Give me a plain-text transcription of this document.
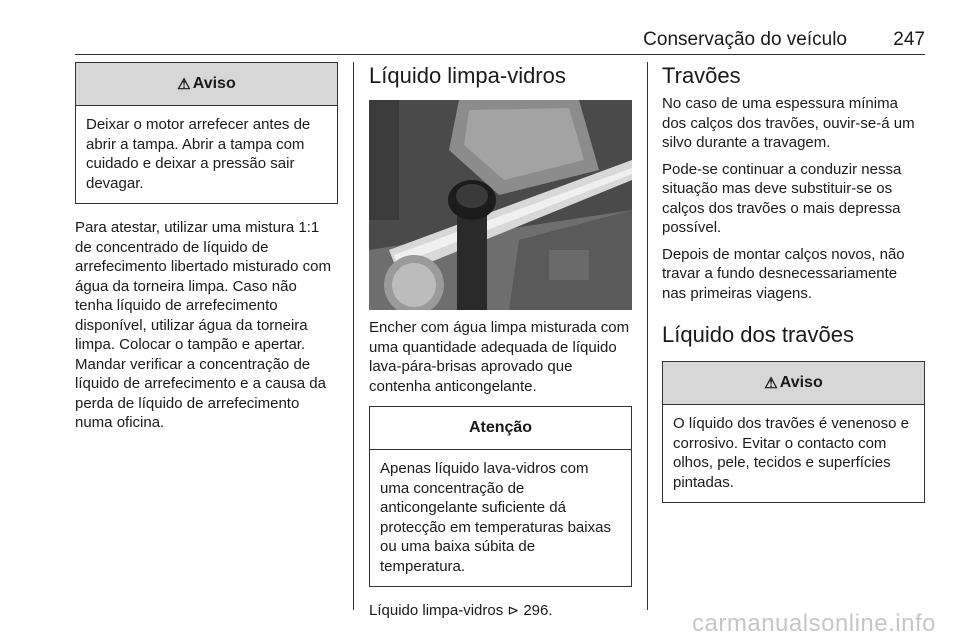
Conservação do veículo 247
⚠ Aviso
Deixar o motor arrefecer antes de abrir a tampa. Abrir a tampa com cuidado e deixar a pressão sair devagar.

Para atestar, utilizar uma mistura 1:1 de concentrado de líquido de arrefecimento libertado misturado com água da torneira limpa. Caso não tenha líquido de arrefecimento disponível, utilizar água da torneira limpa. Colocar o tampão e apertar. Mandar verificar a concentração de líquido de arrefecimento e a causa da perda de líquido de arrefecimento numa oficina.

Líquido limpa-vidros

Encher com água limpa misturada com uma quantidade adequada de líquido lava-pára-brisas aprovado que contenha anticongelante.

Atenção
Apenas líquido lava-vidros com uma concentração de anticongelante suficiente dá protecção em temperaturas baixas ou uma baixa súbita de temperatura.

Líquido limpa-vidros ⊳ 296.

Travões

No caso de uma espessura mínima dos calços dos travões, ouvir-se-á um silvo durante a travagem.

Pode-se continuar a conduzir nessa situação mas deve substituir-se os calços dos travões o mais depressa possível.

Depois de montar calços novos, não travar a fundo desnecessariamente nas primeiras viagens.

Líquido dos travões
⚠ Aviso
O líquido dos travões é venenoso e corrosivo. Evitar o contacto com olhos, pele, tecidos e superfícies pintadas.
carmanualsonline.info
